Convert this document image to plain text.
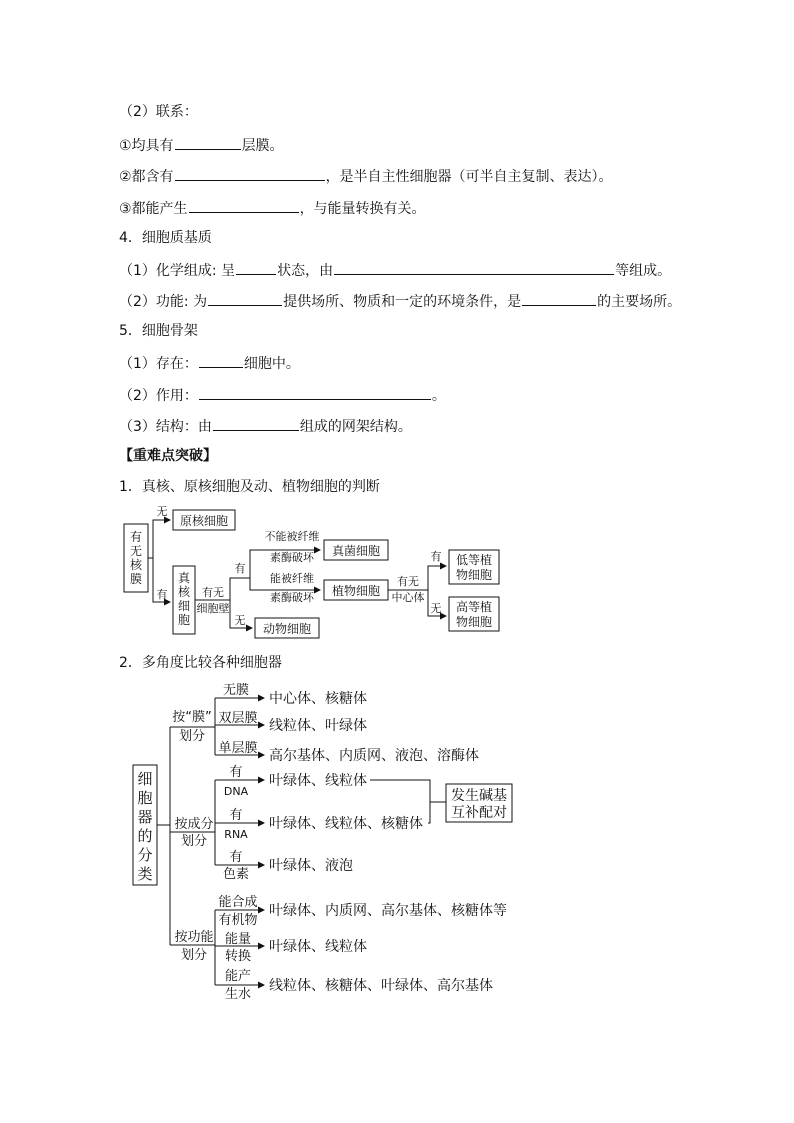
（2）联系：
①均具有	层膜。
②都含有	，是半自主性细胞器（可半自主复制、表达）。
③都能产生	，与能量转换有关。
4．细胞质基质
（1）化学组成: 呈	状态，由	等组成。
（2）功能: 为	提供场所、物质和一定的环境条件，是	的主要场所。
5．细胞骨架
（1）存在：	细胞中。
（2）作用：	。
（3）结构：由	组成的网架结构。
【重难点突破】
1．真核、原核细胞及动、植物细胞的判断
有
无
核
膜
无
有
原核细胞
真
核
细
胞
有无
细胞壁
有
无
不能被纤维
素酶破坏
能被纤维
素酶破坏
真菌细胞
植物细胞
动物细胞
有无
中心体
有
无
低等植
物细胞
高等植
物细胞
2．多角度比较各种细胞器
细
胞
器
的
分
类
按“膜”
划分
无膜
双层膜
单层膜
中心体、核糖体
线粒体、叶绿体
高尔基体、内质网、液泡、溶酶体
按成分
划分
有
DNA
有
RNA
有
色素
叶绿体、线粒体
叶绿体、线粒体、核糖体
叶绿体、液泡
发生碱基
互补配对
按功能
划分
能合成
有机物
能量
转换
能产
生水
叶绿体、内质网、高尔基体、核糖体等
叶绿体、线粒体
线粒体、核糖体、叶绿体、高尔基体
